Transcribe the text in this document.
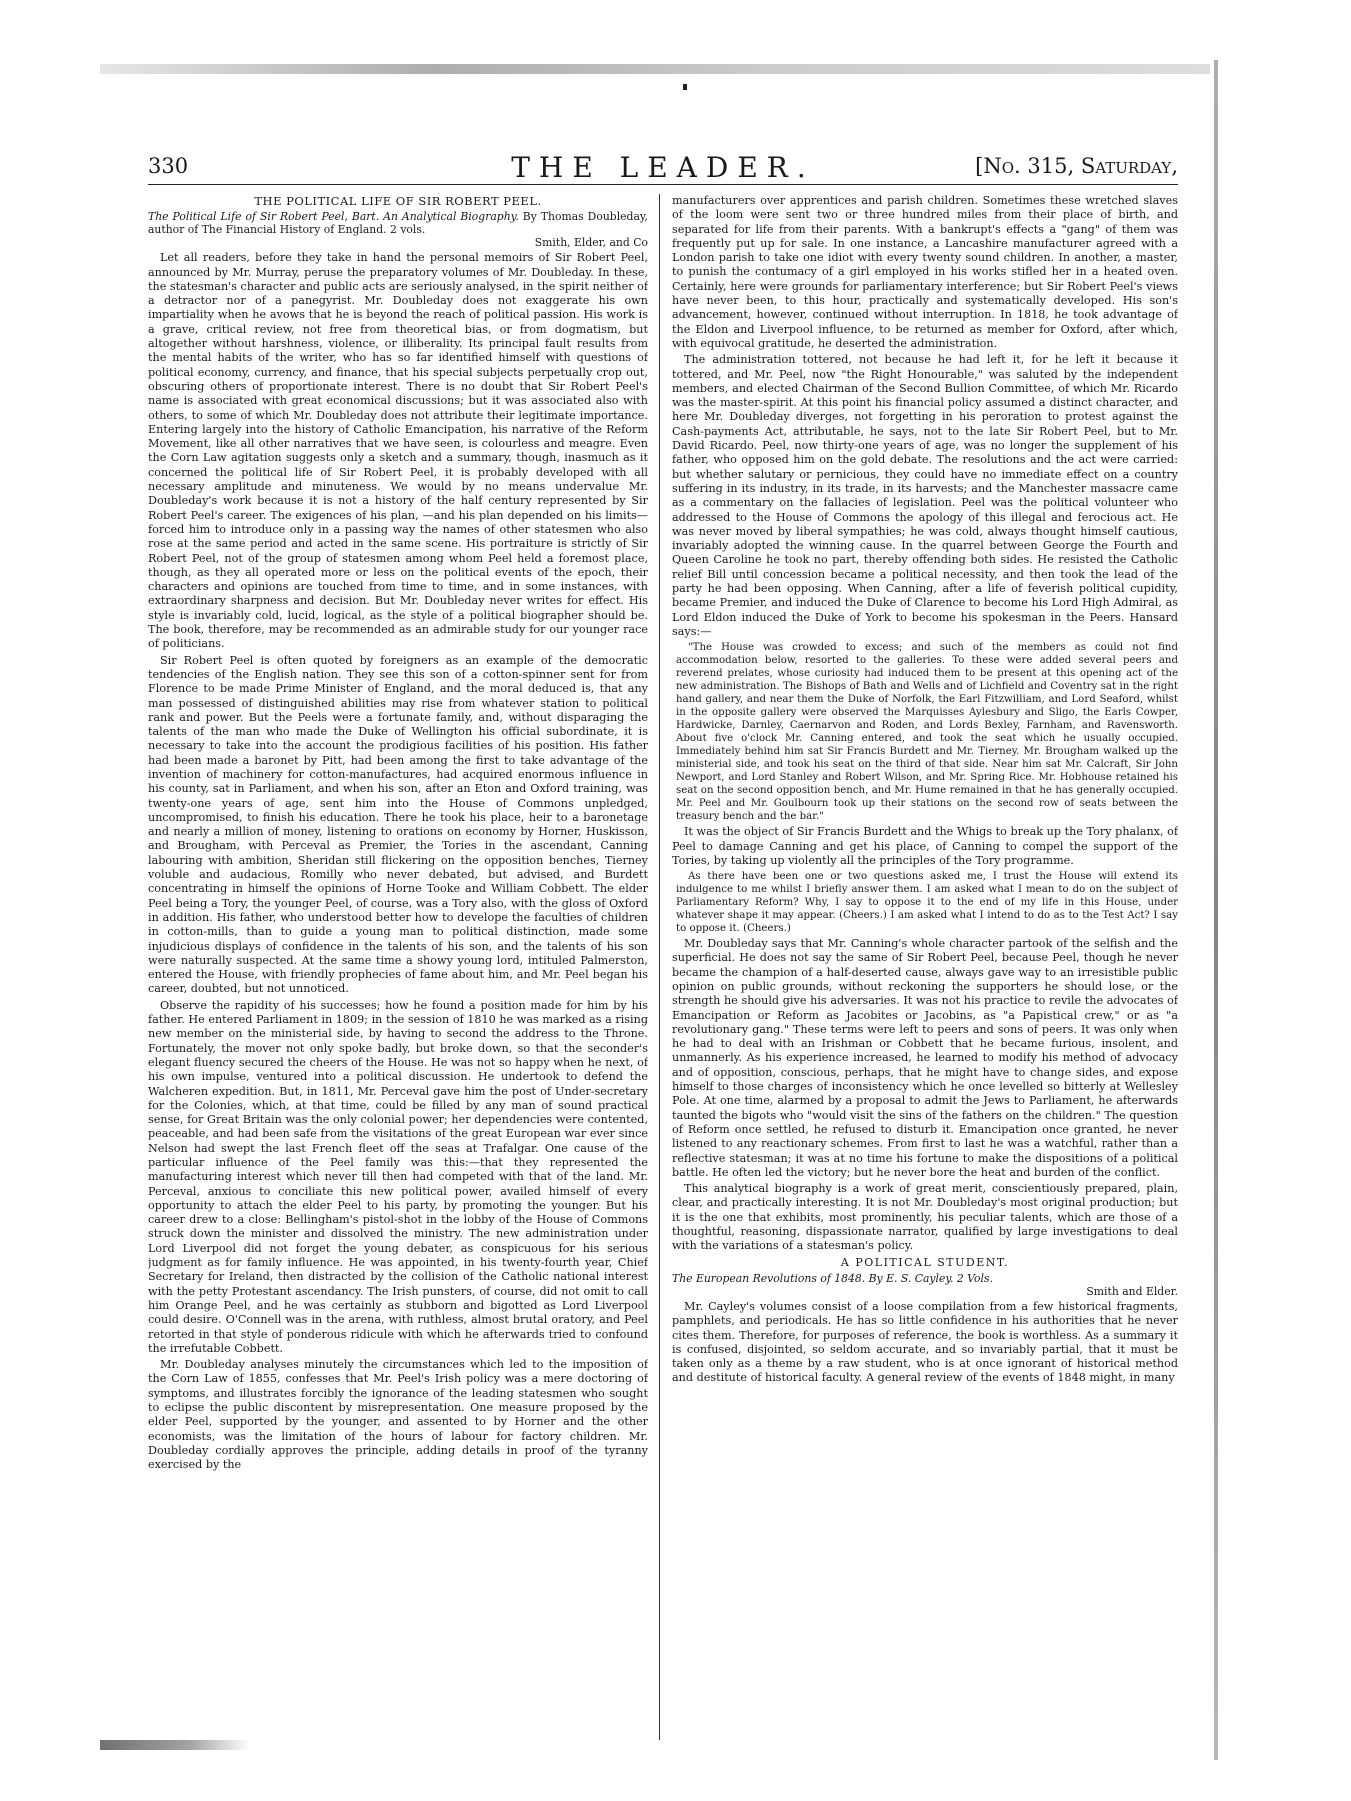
330	THE LEADER.	[No. 315, Saturday,

THE POLITICAL LIFE OF SIR ROBERT PEEL.

The Political Life of Sir Robert Peel, Bart. An Analytical Biography. By Thomas Doubleday, author of The Financial History of England. 2 vols.
Smith, Elder, and Co

Let all readers, before they take in hand the personal memoirs of Sir Robert Peel, announced by Mr. Murray, peruse the preparatory volumes of Mr. Doubleday. In these, the statesman's character and public acts are seriously analysed, in the spirit neither of a detractor nor of a panegyrist. Mr. Doubleday does not exaggerate his own impartiality when he avows that he is beyond the reach of political passion. His work is a grave, critical review, not free from theoretical bias, or from dogmatism, but altogether without harshness, violence, or illiberality. Its principal fault results from the mental habits of the writer, who has so far identified himself with questions of political economy, currency, and finance, that his special subjects perpetually crop out, obscuring others of proportionate interest. There is no doubt that Sir Robert Peel's name is associated with great economical discussions; but it was associated also with others, to some of which Mr. Doubleday does not attribute their legitimate importance. Entering largely into the history of Catholic Emancipation, his narrative of the Reform Movement, like all other narratives that we have seen, is colourless and meagre. Even the Corn Law agitation suggests only a sketch and a summary, though, inasmuch as it concerned the political life of Sir Robert Peel, it is probably developed with all necessary amplitude and minuteness. We would by no means undervalue Mr. Doubleday's work because it is not a history of the half century represented by Sir Robert Peel's career. The exigences of his plan, —and his plan depended on his limits—forced him to introduce only in a passing way the names of other statesmen who also rose at the same period and acted in the same scene. His portraiture is strictly of Sir Robert Peel, not of the group of statesmen among whom Peel held a foremost place, though, as they all operated more or less on the political events of the epoch, their characters and opinions are touched from time to time, and in some instances, with extraordinary sharpness and decision. But Mr. Doubleday never writes for effect. His style is invariably cold, lucid, logical, as the style of a political biographer should be. The book, therefore, may be recommended as an admirable study for our younger race of politicians.

Sir Robert Peel is often quoted by foreigners as an example of the democratic tendencies of the English nation. They see this son of a cotton-spinner sent for from Florence to be made Prime Minister of England, and the moral deduced is, that any man possessed of distinguished abilities may rise from whatever station to political rank and power. But the Peels were a fortunate family, and, without disparaging the talents of the man who made the Duke of Wellington his official subordinate, it is necessary to take into the account the prodigious facilities of his position. His father had been made a baronet by Pitt, had been among the first to take advantage of the invention of machinery for cotton-manufactures, had acquired enormous influence in his county, sat in Parliament, and when his son, after an Eton and Oxford training, was twenty-one years of age, sent him into the House of Commons unpledged, uncompromised, to finish his education. There he took his place, heir to a baronetage and nearly a million of money, listening to orations on economy by Horner, Huskisson, and Brougham, with Perceval as Premier, the Tories in the ascendant, Canning labouring with ambition, Sheridan still flickering on the opposition benches, Tierney voluble and audacious, Romilly who never debated, but advised, and Burdett concentrating in himself the opinions of Horne Tooke and William Cobbett. The elder Peel being a Tory, the younger Peel, of course, was a Tory also, with the gloss of Oxford in addition. His father, who understood better how to develope the faculties of children in cotton-mills, than to guide a young man to political distinction, made some injudicious displays of confidence in the talents of his son, and the talents of his son were naturally suspected. At the same time a showy young lord, intituled Palmerston, entered the House, with friendly prophecies of fame about him, and Mr. Peel began his career, doubted, but not unnoticed.

Observe the rapidity of his successes; how he found a position made for him by his father. He entered Parliament in 1809; in the session of 1810 he was marked as a rising new member on the ministerial side, by having to second the address to the Throne. Fortunately, the mover not only spoke badly, but broke down, so that the seconder's elegant fluency secured the cheers of the House. He was not so happy when he next, of his own impulse, ventured into a political discussion. He undertook to defend the Walcheren expedition. But, in 1811, Mr. Perceval gave him the post of Under-secretary for the Colonies, which, at that time, could be filled by any man of sound practical sense, for Great Britain was the only colonial power; her dependencies were contented, peaceable, and had been safe from the visitations of the great European war ever since Nelson had swept the last French fleet off the seas at Trafalgar. One cause of the particular influence of the Peel family was this:—that they represented the manufacturing interest which never till then had competed with that of the land. Mr. Perceval, anxious to conciliate this new political power, availed himself of every opportunity to attach the elder Peel to his party, by promoting the younger. But his career drew to a close: Bellingham's pistol-shot in the lobby of the House of Commons struck down the minister and dissolved the ministry. The new administration under Lord Liverpool did not forget the young debater, as conspicuous for his serious judgment as for family influence. He was appointed, in his twenty-fourth year, Chief Secretary for Ireland, then distracted by the collision of the Catholic national interest with the petty Protestant ascendancy. The Irish punsters, of course, did not omit to call him Orange Peel, and he was certainly as stubborn and bigotted as Lord Liverpool could desire. O'Connell was in the arena, with ruthless, almost brutal oratory, and Peel retorted in that style of ponderous ridicule with which he afterwards tried to confound the irrefutable Cobbett.

Mr. Doubleday analyses minutely the circumstances which led to the imposition of the Corn Law of 1855, confesses that Mr. Peel's Irish policy was a mere doctoring of symptoms, and illustrates forcibly the ignorance of the leading statesmen who sought to eclipse the public discontent by misrepresentation. One measure proposed by the elder Peel, supported by the younger, and assented to by Horner and the other economists, was the limitation of the hours of labour for factory children. Mr. Doubleday cordially approves the principle, adding details in proof of the tyranny exercised by the

manufacturers over apprentices and parish children. Sometimes these wretched slaves of the loom were sent two or three hundred miles from their place of birth, and separated for life from their parents. With a bankrupt's effects a "gang" of them was frequently put up for sale. In one instance, a Lancashire manufacturer agreed with a London parish to take one idiot with every twenty sound children. In another, a master, to punish the contumacy of a girl employed in his works stifled her in a heated oven. Certainly, here were grounds for parliamentary interference; but Sir Robert Peel's views have never been, to this hour, practically and systematically developed. His son's advancement, however, continued without interruption. In 1818, he took advantage of the Eldon and Liverpool influence, to be returned as member for Oxford, after which, with equivocal gratitude, he deserted the administration.

The administration tottered, not because he had left it, for he left it because it tottered, and Mr. Peel, now "the Right Honourable," was saluted by the independent members, and elected Chairman of the Second Bullion Committee, of which Mr. Ricardo was the master-spirit. At this point his financial policy assumed a distinct character, and here Mr. Doubleday diverges, not forgetting in his peroration to protest against the Cash-payments Act, attributable, he says, not to the late Sir Robert Peel, but to Mr. David Ricardo. Peel, now thirty-one years of age, was no longer the supplement of his father, who opposed him on the gold debate. The resolutions and the act were carried: but whether salutary or pernicious, they could have no immediate effect on a country suffering in its industry, in its trade, in its harvests; and the Manchester massacre came as a commentary on the fallacies of legislation. Peel was the political volunteer who addressed to the House of Commons the apology of this illegal and ferocious act. He was never moved by liberal sympathies; he was cold, always thought himself cautious, invariably adopted the winning cause. In the quarrel between George the Fourth and Queen Caroline he took no part, thereby offending both sides. He resisted the Catholic relief Bill until concession became a political necessity, and then took the lead of the party he had been opposing. When Canning, after a life of feverish political cupidity, became Premier, and induced the Duke of Clarence to become his Lord High Admiral, as Lord Eldon induced the Duke of York to become his spokesman in the Peers. Hansard says:—

"The House was crowded to excess; and such of the members as could not find accommodation below, resorted to the galleries. To these were added several peers and reverend prelates, whose curiosity had induced them to be present at this opening act of the new administration. The Bishops of Bath and Wells and of Lichfield and Coventry sat in the right hand gallery, and near them the Duke of Norfolk, the Earl Fitzwilliam, and Lord Seaford, whilst in the opposite gallery were observed the Marquisses Aylesbury and Sligo, the Earls Cowper, Hardwicke, Darnley, Caernarvon and Roden, and Lords Bexley, Farnham, and Ravensworth. About five o'clock Mr. Canning entered, and took the seat which he usually occupied. Immediately behind him sat Sir Francis Burdett and Mr. Tierney. Mr. Brougham walked up the ministerial side, and took his seat on the third of that side. Near him sat Mr. Calcraft, Sir John Newport, and Lord Stanley and Robert Wilson, and Mr. Spring Rice. Mr. Hobhouse retained his seat on the second opposition bench, and Mr. Hume remained in that he has generally occupied. Mr. Peel and Mr. Goulbourn took up their stations on the second row of seats between the treasury bench and the bar."

It was the object of Sir Francis Burdett and the Whigs to break up the Tory phalanx, of Peel to damage Canning and get his place, of Canning to compel the support of the Tories, by taking up violently all the principles of the Tory programme.

As there have been one or two questions asked me, I trust the House will extend its indulgence to me whilst I briefly answer them. I am asked what I mean to do on the subject of Parliamentary Reform? Why, I say to oppose it to the end of my life in this House, under whatever shape it may appear. (Cheers.) I am asked what I intend to do as to the Test Act? I say to oppose it. (Cheers.)

Mr. Doubleday says that Mr. Canning's whole character partook of the selfish and the superficial. He does not say the same of Sir Robert Peel, because Peel, though he never became the champion of a half-deserted cause, always gave way to an irresistible public opinion on public grounds, without reckoning the supporters he should lose, or the strength he should give his adversaries. It was not his practice to revile the advocates of Emancipation or Reform as Jacobites or Jacobins, as "a Papistical crew," or as "a revolutionary gang." These terms were left to peers and sons of peers. It was only when he had to deal with an Irishman or Cobbett that he became furious, insolent, and unmannerly. As his experience increased, he learned to modify his method of advocacy and of opposition, conscious, perhaps, that he might have to change sides, and expose himself to those charges of inconsistency which he once levelled so bitterly at Wellesley Pole. At one time, alarmed by a proposal to admit the Jews to Parliament, he afterwards taunted the bigots who "would visit the sins of the fathers on the children." The question of Reform once settled, he refused to disturb it. Emancipation once granted, he never listened to any reactionary schemes. From first to last he was a watchful, rather than a reflective statesman; it was at no time his fortune to make the dispositions of a political battle. He often led the victory; but he never bore the heat and burden of the conflict.

This analytical biography is a work of great merit, conscientiously prepared, plain, clear, and practically interesting. It is not Mr. Doubleday's most original production; but it is the one that exhibits, most prominently, his peculiar talents, which are those of a thoughtful, reasoning, dispassionate narrator, qualified by large investigations to deal with the variations of a statesman's policy.

A POLITICAL STUDENT.

The European Revolutions of 1848. By E. S. Cayley. 2 Vols.
Smith and Elder.

Mr. Cayley's volumes consist of a loose compilation from a few historical fragments, pamphlets, and periodicals. He has so little confidence in his authorities that he never cites them. Therefore, for purposes of reference, the book is worthless. As a summary it is confused, disjointed, so seldom accurate, and so invariably partial, that it must be taken only as a theme by a raw student, who is at once ignorant of historical method and destitute of historical faculty. A general review of the events of 1848 might, in many
